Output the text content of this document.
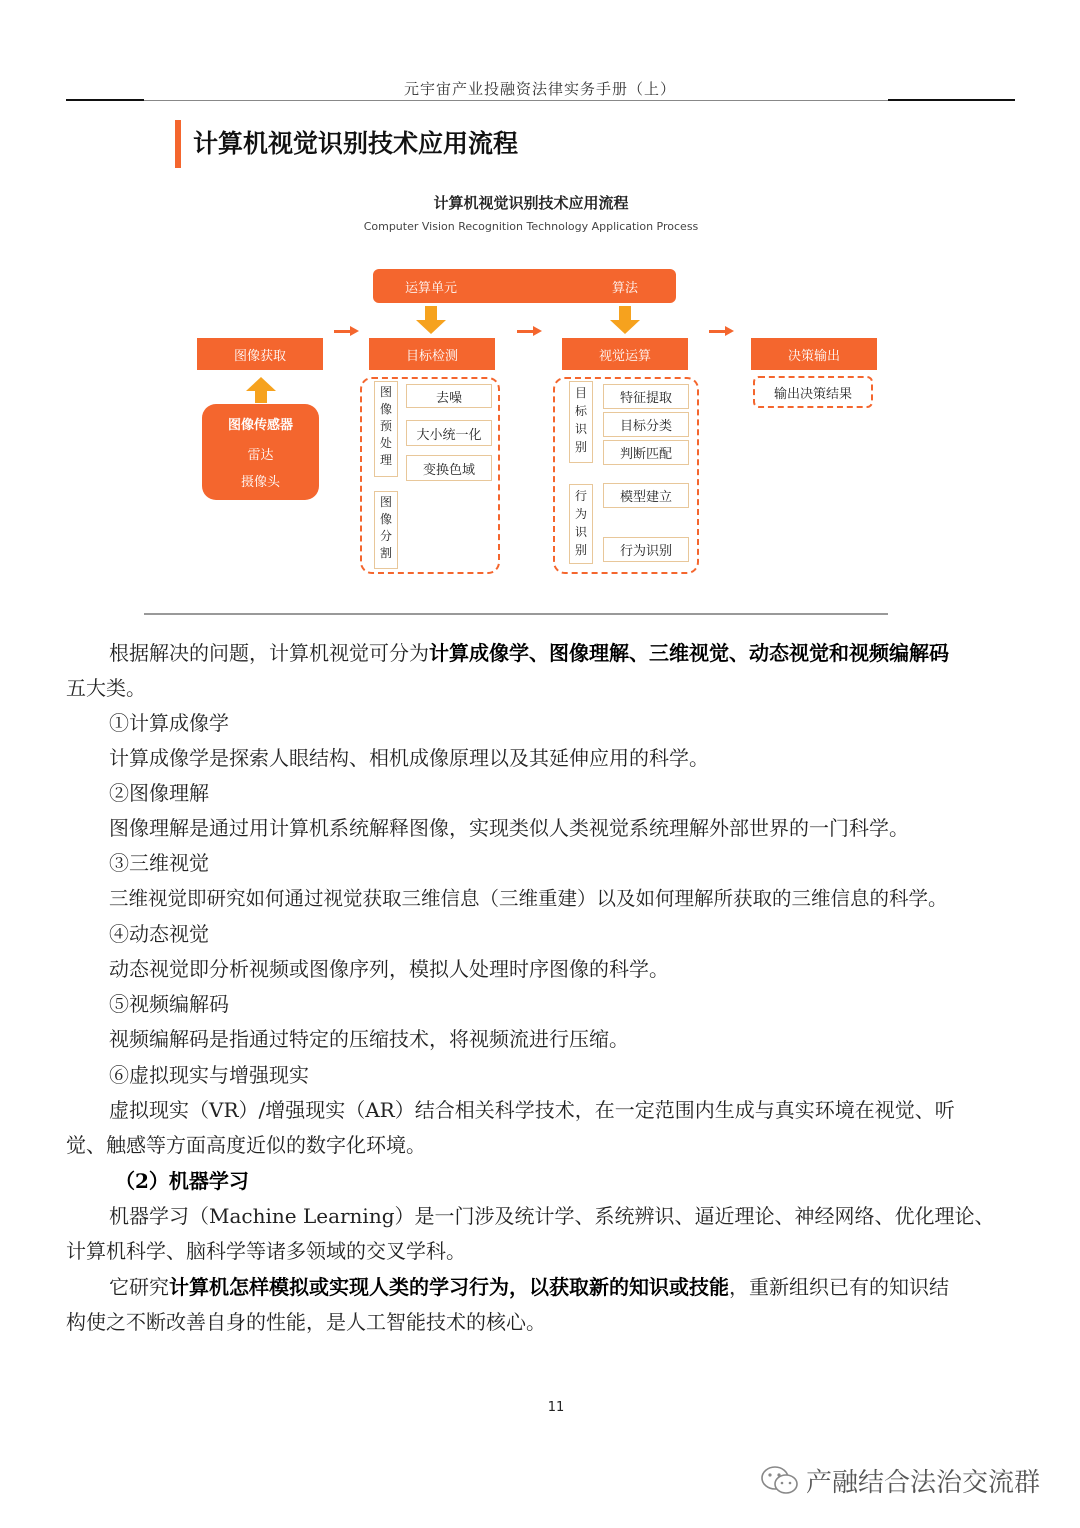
元宇宙产业投融资法律实务手册（上）
计算机视觉识别技术应用流程
计算机视觉识别技术应用流程
Computer Vision Recognition Technology Application Process
运算单元	算法
图像获取	目标检测	视觉运算	决策输出
图像传感器
雷达
摄像头
图像预处理
去噪
大小统一化
变换色域
图像分割
目标识别
特征提取
目标分类
判断匹配
行为识别
模型建立
行为识别
输出决策结果
根据解决的问题，计算机视觉可分为计算成像学、图像理解、三维视觉、动态视觉和视频编解码
五大类。
①计算成像学
计算成像学是探索人眼结构、相机成像原理以及其延伸应用的科学。
②图像理解
图像理解是通过用计算机系统解释图像，实现类似人类视觉系统理解外部世界的一门科学。
③三维视觉
三维视觉即研究如何通过视觉获取三维信息（三维重建）以及如何理解所获取的三维信息的科学。
④动态视觉
动态视觉即分析视频或图像序列，模拟人处理时序图像的科学。
⑤视频编解码
视频编解码是指通过特定的压缩技术，将视频流进行压缩。
⑥虚拟现实与增强现实
虚拟现实（VR）/增强现实（AR）结合相关科学技术，在一定范围内生成与真实环境在视觉、听
觉、触感等方面高度近似的数字化环境。
（2）机器学习
机器学习（Machine Learning）是一门涉及统计学、系统辨识、逼近理论、神经网络、优化理论、
计算机科学、脑科学等诸多领域的交叉学科。
它研究计算机怎样模拟或实现人类的学习行为，以获取新的知识或技能，重新组织已有的知识结
构使之不断改善自身的性能，是人工智能技术的核心。
11
产融结合法治交流群
